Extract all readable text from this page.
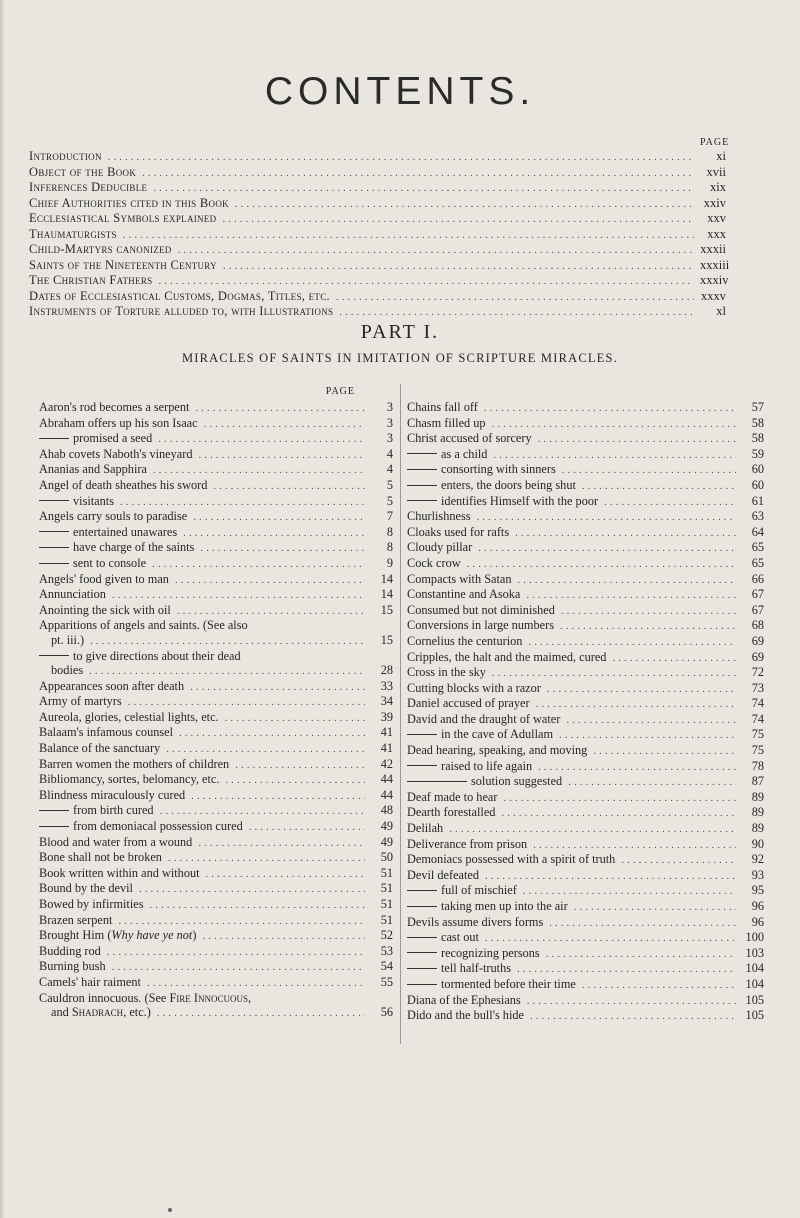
CONTENTS.
PAGE
Introduction .....	xi
Object of the Book .....	xvii
Inferences Deducible .....	xix
Chief Authorities cited in this Book .....	xxiv
Ecclesiastical Symbols explained .....	xxv
Thaumaturgists .....	xxx
Child-Martyrs canonized .....	xxxii
Saints of the Nineteenth Century .....	xxxiii
The Christian Fathers .....	xxxiv
Dates of Ecclesiastical Customs, Dogmas, Titles, etc. .....	xxxv
Instruments of Torture alluded to, with Illustrations .....	xl
PART I.
MIRACLES OF SAINTS IN IMITATION OF SCRIPTURE MIRACLES.
PAGE
Aaron's rod becomes a serpent .....	3
Abraham offers up his son Isaac .....	3
promised a seed .....	3
Ahab covets Naboth's vineyard .....	4
Ananias and Sapphira .....	4
Angel of death sheathes his sword .....	5
visitants .....	5
Angels carry souls to paradise .....	7
entertained unawares .....	8
have charge of the saints .....	8
sent to console .....	9
Angels' food given to man .....	14
Annunciation .....	14
Anointing the sick with oil .....	15
Apparitions of angels and saints. (See also
pt. iii.) .....	15
to give directions about their dead
bodies .....	28
Appearances soon after death .....	33
Army of martyrs .....	34
Aureola, glories, celestial lights, etc. .....	39
Balaam's infamous counsel .....	41
Balance of the sanctuary .....	41
Barren women the mothers of children .....	42
Bibliomancy, sortes, belomancy, etc. .....	44
Blindness miraculously cured .....	44
from birth cured .....	48
from demoniacal possession cured .....	49
Blood and water from a wound .....	49
Bone shall not be broken .....	50
Book written within and without .....	51
Bound by the devil .....	51
Bowed by infirmities .....	51
Brazen serpent .....	51
Brought Him (Why have ye not) .....	52
Budding rod .....	53
Burning bush .....	54
Camels' hair raiment .....	55
Cauldron innocuous. (See Fire Innocuous,
and Shadrach, etc.) .....	56
Chains fall off .....	57
Chasm filled up .....	58
Christ accused of sorcery .....	58
as a child .....	59
consorting with sinners .....	60
enters, the doors being shut .....	60
identifies Himself with the poor .....	61
Churlishness .....	63
Cloaks used for rafts .....	64
Cloudy pillar .....	65
Cock crow .....	65
Compacts with Satan .....	66
Constantine and Asoka .....	67
Consumed but not diminished .....	67
Conversions in large numbers .....	68
Cornelius the centurion .....	69
Cripples, the halt and the maimed, cured .....	69
Cross in the sky .....	72
Cutting blocks with a razor .....	73
Daniel accused of prayer .....	74
David and the draught of water .....	74
in the cave of Adullam .....	75
Dead hearing, speaking, and moving .....	75
raised to life again .....	78
solution suggested .....	87
Deaf made to hear .....	89
Dearth forestalled .....	89
Delilah .....	89
Deliverance from prison .....	90
Demoniacs possessed with a spirit of truth .....	92
Devil defeated .....	93
full of mischief .....	95
taking men up into the air .....	96
Devils assume divers forms .....	96
cast out .....	100
recognizing persons .....	103
tell half-truths .....	104
tormented before their time .....	104
Diana of the Ephesians .....	105
Dido and the bull's hide .....	105
